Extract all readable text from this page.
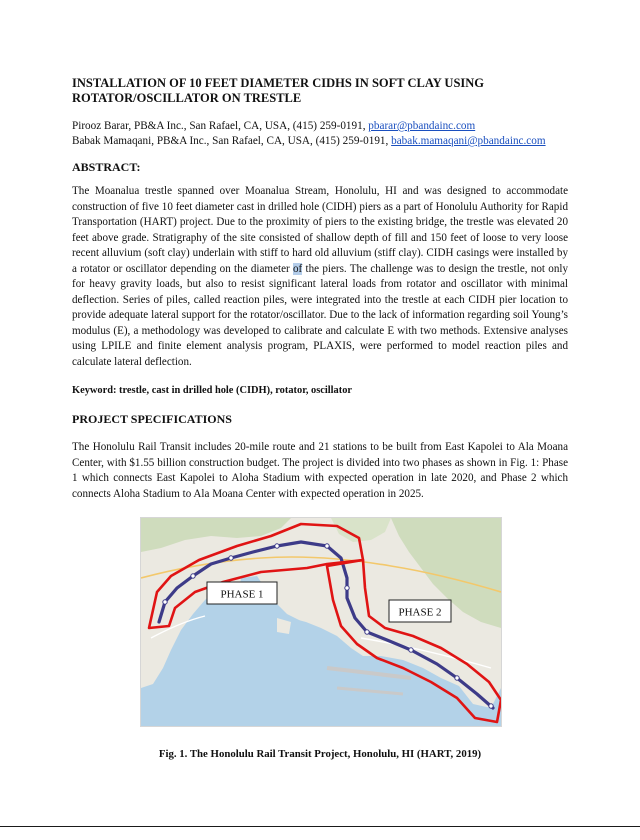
INSTALLATION OF 10 FEET DIAMETER CIDHS IN SOFT CLAY USING ROTATOR/OSCILLATOR ON TRESTLE
Pirooz Barar, PB&A Inc., San Rafael, CA, USA, (415) 259-0191, pbarar@pbandainc.com
Babak Mamaqani, PB&A Inc., San Rafael, CA, USA, (415) 259-0191, babak.mamaqani@pbandainc.com
ABSTRACT:

The Moanalua trestle spanned over Moanalua Stream, Honolulu, HI and was designed to accommodate construction of five 10 feet diameter cast in drilled hole (CIDH) piers as a part of Honolulu Authority for Rapid Transportation (HART) project. Due to the proximity of piers to the existing bridge, the trestle was elevated 20 feet above grade. Stratigraphy of the site consisted of shallow depth of fill and 150 feet of loose to very loose recent alluvium (soft clay) underlain with stiff to hard old alluvium (stiff clay). CIDH casings were installed by a rotator or oscillator depending on the diameter of the piers. The challenge was to design the trestle, not only for heavy gravity loads, but also to resist significant lateral loads from rotator and oscillator with minimal deflection. Series of piles, called reaction piles, were integrated into the trestle at each CIDH pier location to provide adequate lateral support for the rotator/oscillator. Due to the lack of information regarding soil Young’s modulus (E), a methodology was developed to calibrate and calculate E with two methods. Extensive analyses using LPILE and finite element analysis program, PLAXIS, were performed to model reaction piles and calculate lateral deflection.

Keyword: trestle, cast in drilled hole (CIDH), rotator, oscillator

PROJECT SPECIFICATIONS

The Honolulu Rail Transit includes 20-mile route and 21 stations to be built from East Kapolei to Ala Moana Center, with $1.55 billion construction budget. The project is divided into two phases as shown in Fig. 1: Phase 1 which connects East Kapolei to Aloha Stadium with expected operation in late 2020, and Phase 2 which connects Aloha Stadium to Ala Moana Center with expected operation in 2025.

PHASE 1
PHASE 2

Fig. 1. The Honolulu Rail Transit Project, Honolulu, HI (HART, 2019)
